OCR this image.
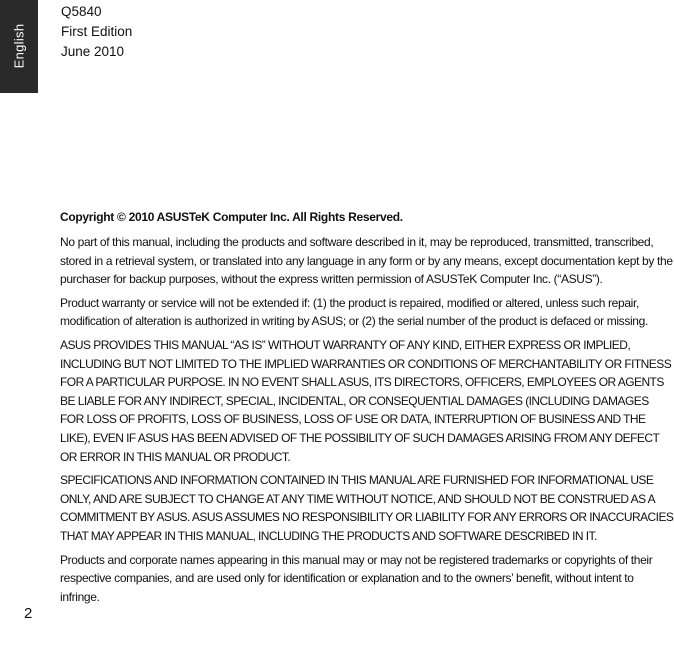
English
Q5840
First Edition
June 2010
Copyright © 2010 ASUSTeK Computer Inc. All Rights Reserved.

No part of this manual, including the products and software described in it, may be reproduced, transmitted, transcribed, stored in a retrieval system, or translated into any language in any form or by any means, except documentation kept by the purchaser for backup purposes, without the express written permission of ASUSTeK Computer Inc. (“ASUS”).

Product warranty or service will not be extended if: (1) the product is repaired, modified or altered, unless such repair, modification of alteration is authorized in writing by ASUS; or (2) the serial number of the product is defaced or missing.

ASUS PROVIDES THIS MANUAL “AS IS” WITHOUT WARRANTY OF ANY KIND, EITHER EXPRESS OR IMPLIED, INCLUDING BUT NOT LIMITED TO THE IMPLIED WARRANTIES OR CONDITIONS OF MERCHANTABILITY OR FITNESS FOR A PARTICULAR PURPOSE. IN NO EVENT SHALL ASUS, ITS DIRECTORS, OFFICERS, EMPLOYEES OR AGENTS BE LIABLE FOR ANY INDIRECT, SPECIAL, INCIDENTAL, OR CONSEQUENTIAL DAMAGES (INCLUDING DAMAGES FOR LOSS OF PROFITS, LOSS OF BUSINESS, LOSS OF USE OR DATA, INTERRUPTION OF BUSINESS AND THE LIKE), EVEN IF ASUS HAS BEEN ADVISED OF THE POSSIBILITY OF SUCH DAMAGES ARISING FROM ANY DEFECT OR ERROR IN THIS MANUAL OR PRODUCT.

SPECIFICATIONS AND INFORMATION CONTAINED IN THIS MANUAL ARE FURNISHED FOR INFORMATIONAL USE ONLY, AND ARE SUBJECT TO CHANGE AT ANY TIME WITHOUT NOTICE, AND SHOULD NOT BE CONSTRUED AS A COMMITMENT BY ASUS. ASUS ASSUMES NO RESPONSIBILITY OR LIABILITY FOR ANY ERRORS OR INACCURACIES THAT MAY APPEAR IN THIS MANUAL, INCLUDING THE PRODUCTS AND SOFTWARE DESCRIBED IN IT.

Products and corporate names appearing in this manual may or may not be registered trademarks or copyrights of their respective companies, and are used only for identification or explanation and to the owners’ benefit, without intent to infringe.

2
